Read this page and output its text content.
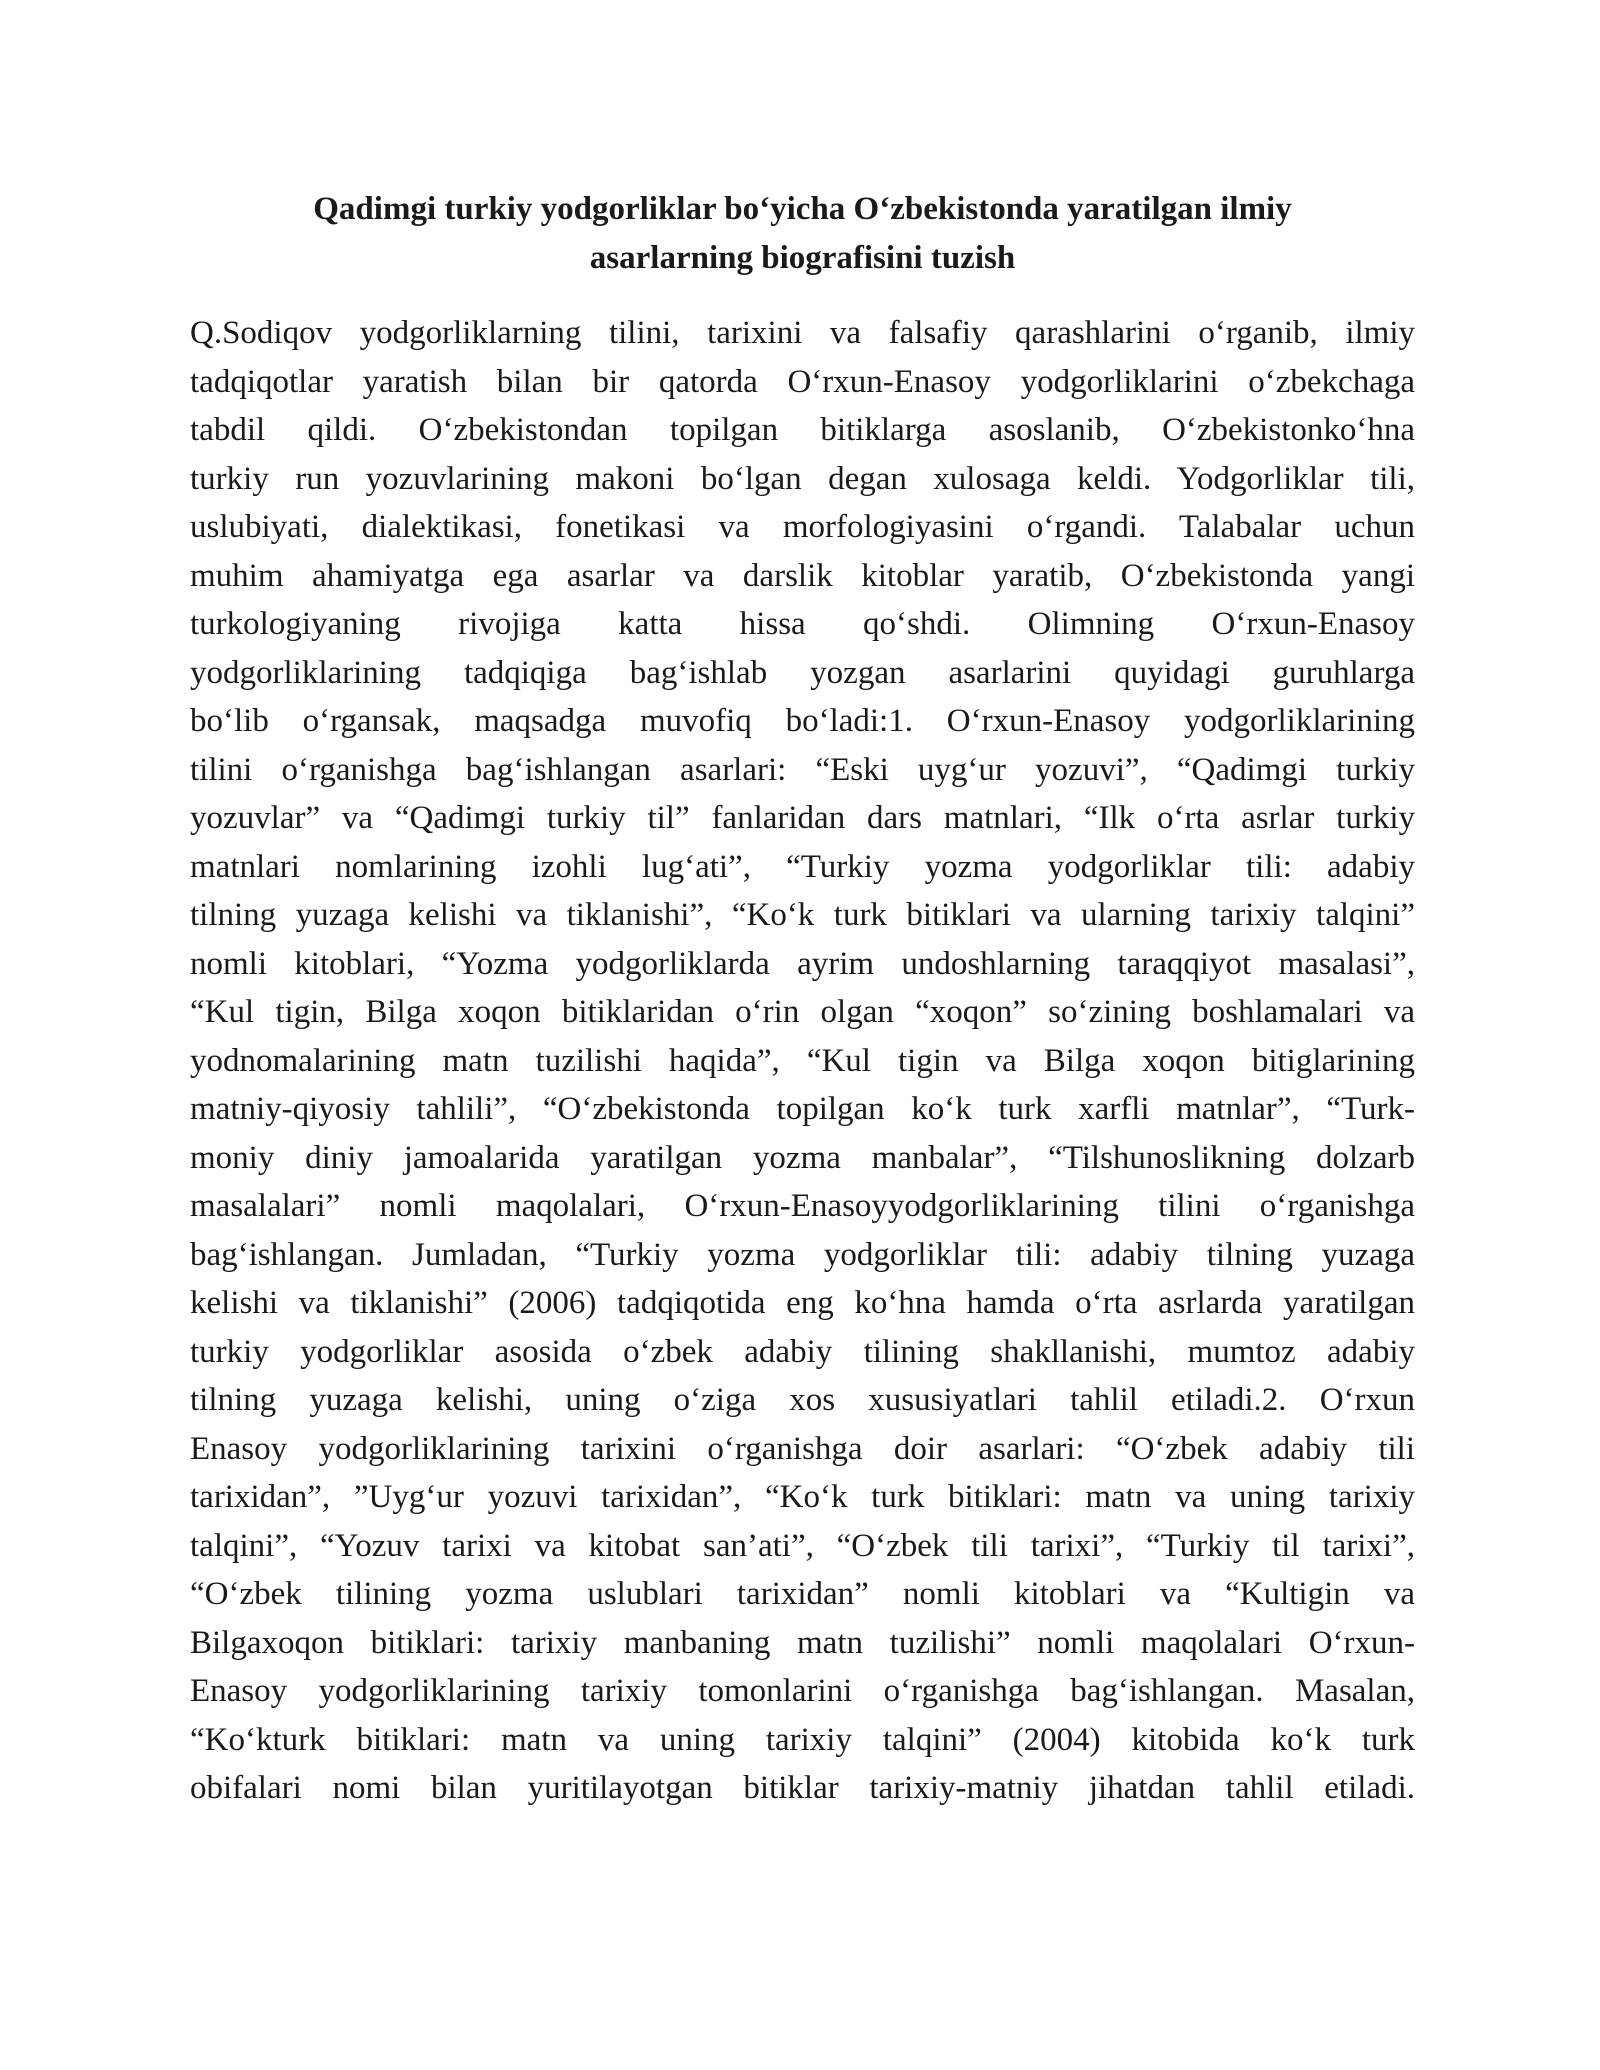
Qadimgi turkiy yodgorliklar bo‘yicha O‘zbekistonda yaratilgan ilmiy
asarlarning biografisini tuzish
Q.Sodiqov yodgorliklarning tilini, tarixini va falsafiy qarashlarini o‘rganib, ilmiy
tadqiqotlar yaratish bilan bir qatorda O‘rxun-Enasoy yodgorliklarini o‘zbekchaga
tabdil qildi. O‘zbekistondan topilgan bitiklarga asoslanib, O‘zbekistonko‘hna
turkiy run yozuvlarining makoni bo‘lgan degan xulosaga keldi. Yodgorliklar tili,
uslubiyati, dialektikasi, fonetikasi va morfologiyasini o‘rgandi. Talabalar uchun
muhim ahamiyatga ega asarlar va darslik kitoblar yaratib, O‘zbekistonda yangi
turkologiyaning rivojiga katta hissa qo‘shdi. Olimning O‘rxun-Enasoy
yodgorliklarining tadqiqiga bag‘ishlab yozgan asarlarini quyidagi guruhlarga
bo‘lib o‘rgansak, maqsadga muvofiq bo‘ladi:1. O‘rxun-Enasoy yodgorliklarining
tilini o‘rganishga bag‘ishlangan asarlari: “Eski uyg‘ur yozuvi”, “Qadimgi turkiy
yozuvlar” va “Qadimgi turkiy til” fanlaridan dars matnlari, “Ilk o‘rta asrlar turkiy
matnlari nomlarining izohli lug‘ati”, “Turkiy yozma yodgorliklar tili: adabiy
tilning yuzaga kelishi va tiklanishi”, “Ko‘k turk bitiklari va ularning tarixiy talqini”
nomli kitoblari, “Yozma yodgorliklarda ayrim undoshlarning taraqqiyot masalasi”,
“Kul tigin, Bilga xoqon bitiklaridan o‘rin olgan “xoqon” so‘zining boshlamalari va
yodnomalarining matn tuzilishi haqida”, “Kul tigin va Bilga xoqon bitiglarining
matniy-qiyosiy tahlili”, “O‘zbekistonda topilgan ko‘k turk xarfli matnlar”, “Turk-
moniy diniy jamoalarida yaratilgan yozma manbalar”, “Tilshunoslikning dolzarb
masalalari” nomli maqolalari, O‘rxun-Enasoyyodgorliklarining tilini o‘rganishga
bag‘ishlangan. Jumladan, “Turkiy yozma yodgorliklar tili: adabiy tilning yuzaga
kelishi va tiklanishi” (2006) tadqiqotida eng ko‘hna hamda o‘rta asrlarda yaratilgan
turkiy yodgorliklar asosida o‘zbek adabiy tilining shakllanishi, mumtoz adabiy
tilning yuzaga kelishi, uning o‘ziga xos xususiyatlari tahlil etiladi.2. O‘rxun
Enasoy yodgorliklarining tarixini o‘rganishga doir asarlari: “O‘zbek adabiy tili
tarixidan”, ”Uyg‘ur yozuvi tarixidan”, “Ko‘k turk bitiklari: matn va uning tarixiy
talqini”, “Yozuv tarixi va kitobat san’ati”, “O‘zbek tili tarixi”, “Turkiy til tarixi”,
“O‘zbek tilining yozma uslublari tarixidan” nomli kitoblari va “Kultigin va
Bilgaxoqon bitiklari: tarixiy manbaning matn tuzilishi” nomli maqolalari O‘rxun-
Enasoy yodgorliklarining tarixiy tomonlarini o‘rganishga bag‘ishlangan. Masalan,
“Ko‘kturk bitiklari: matn va uning tarixiy talqini” (2004) kitobida ko‘k turk
obifalari nomi bilan yuritilayotgan bitiklar tarixiy-matniy jihatdan tahlil etiladi.
